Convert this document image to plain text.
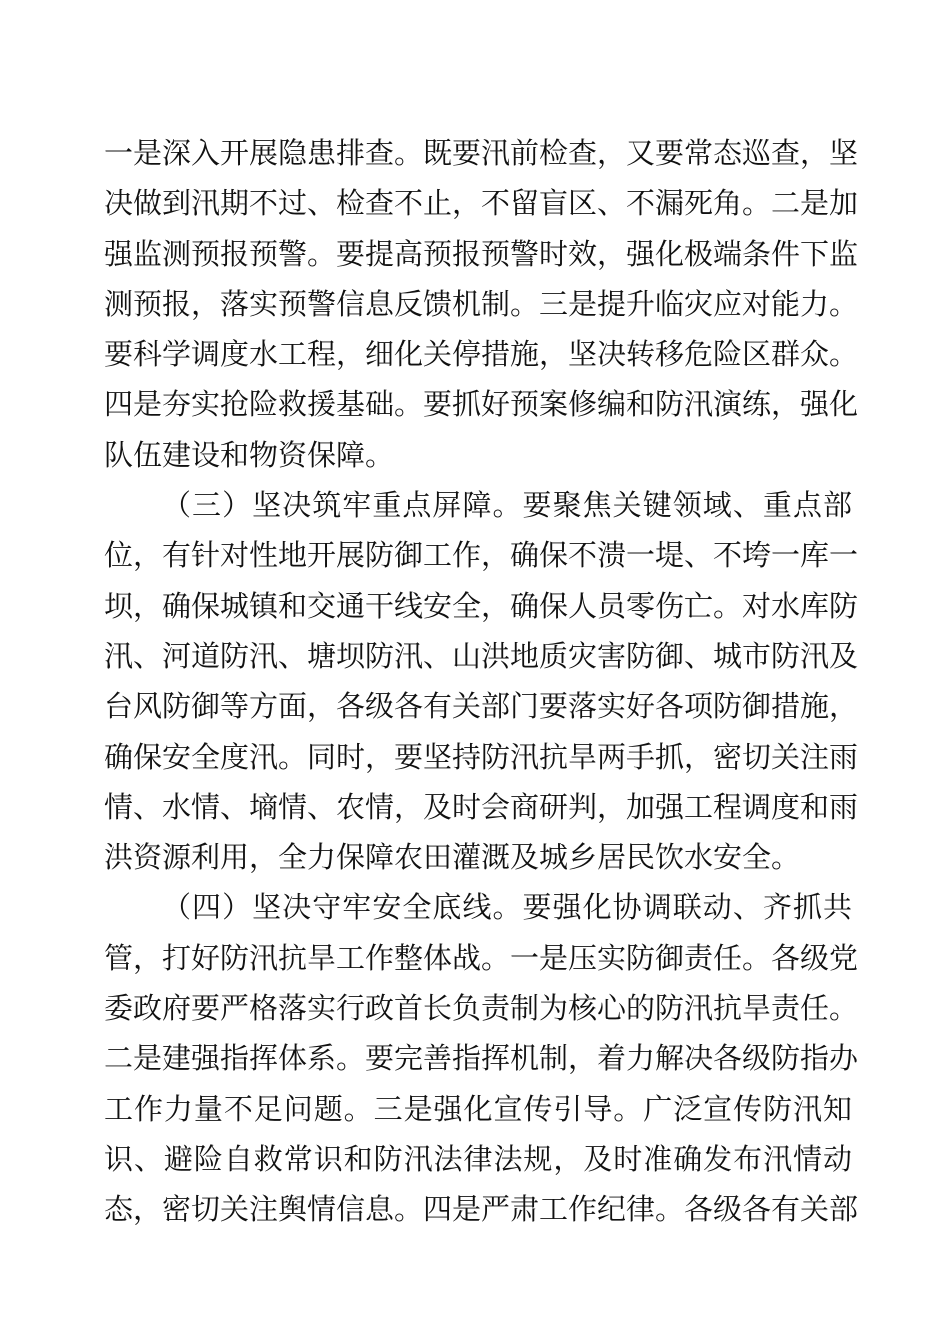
一是深入开展隐患排查。既要汛前检查，又要常态巡查，坚
决做到汛期不过、检查不止，不留盲区、不漏死角。二是加
强监测预报预警。要提高预报预警时效，强化极端条件下监
测预报，落实预警信息反馈机制。三是提升临灾应对能力。
要科学调度水工程，细化关停措施，坚决转移危险区群众。
四是夯实抢险救援基础。要抓好预案修编和防汛演练，强化
队伍建设和物资保障。
（三）坚决筑牢重点屏障。要聚焦关键领域、重点部
位，有针对性地开展防御工作，确保不溃一堤、不垮一库一
坝，确保城镇和交通干线安全，确保人员零伤亡。对水库防
汛、河道防汛、塘坝防汛、山洪地质灾害防御、城市防汛及
台风防御等方面，各级各有关部门要落实好各项防御措施，
确保安全度汛。同时，要坚持防汛抗旱两手抓，密切关注雨
情、水情、墒情、农情，及时会商研判，加强工程调度和雨
洪资源利用，全力保障农田灌溉及城乡居民饮水安全。
（四）坚决守牢安全底线。要强化协调联动、齐抓共
管，打好防汛抗旱工作整体战。一是压实防御责任。各级党
委政府要严格落实行政首长负责制为核心的防汛抗旱责任。
二是建强指挥体系。要完善指挥机制，着力解决各级防指办
工作力量不足问题。三是强化宣传引导。广泛宣传防汛知
识、避险自救常识和防汛法律法规，及时准确发布汛情动
态，密切关注舆情信息。四是严肃工作纪律。各级各有关部
